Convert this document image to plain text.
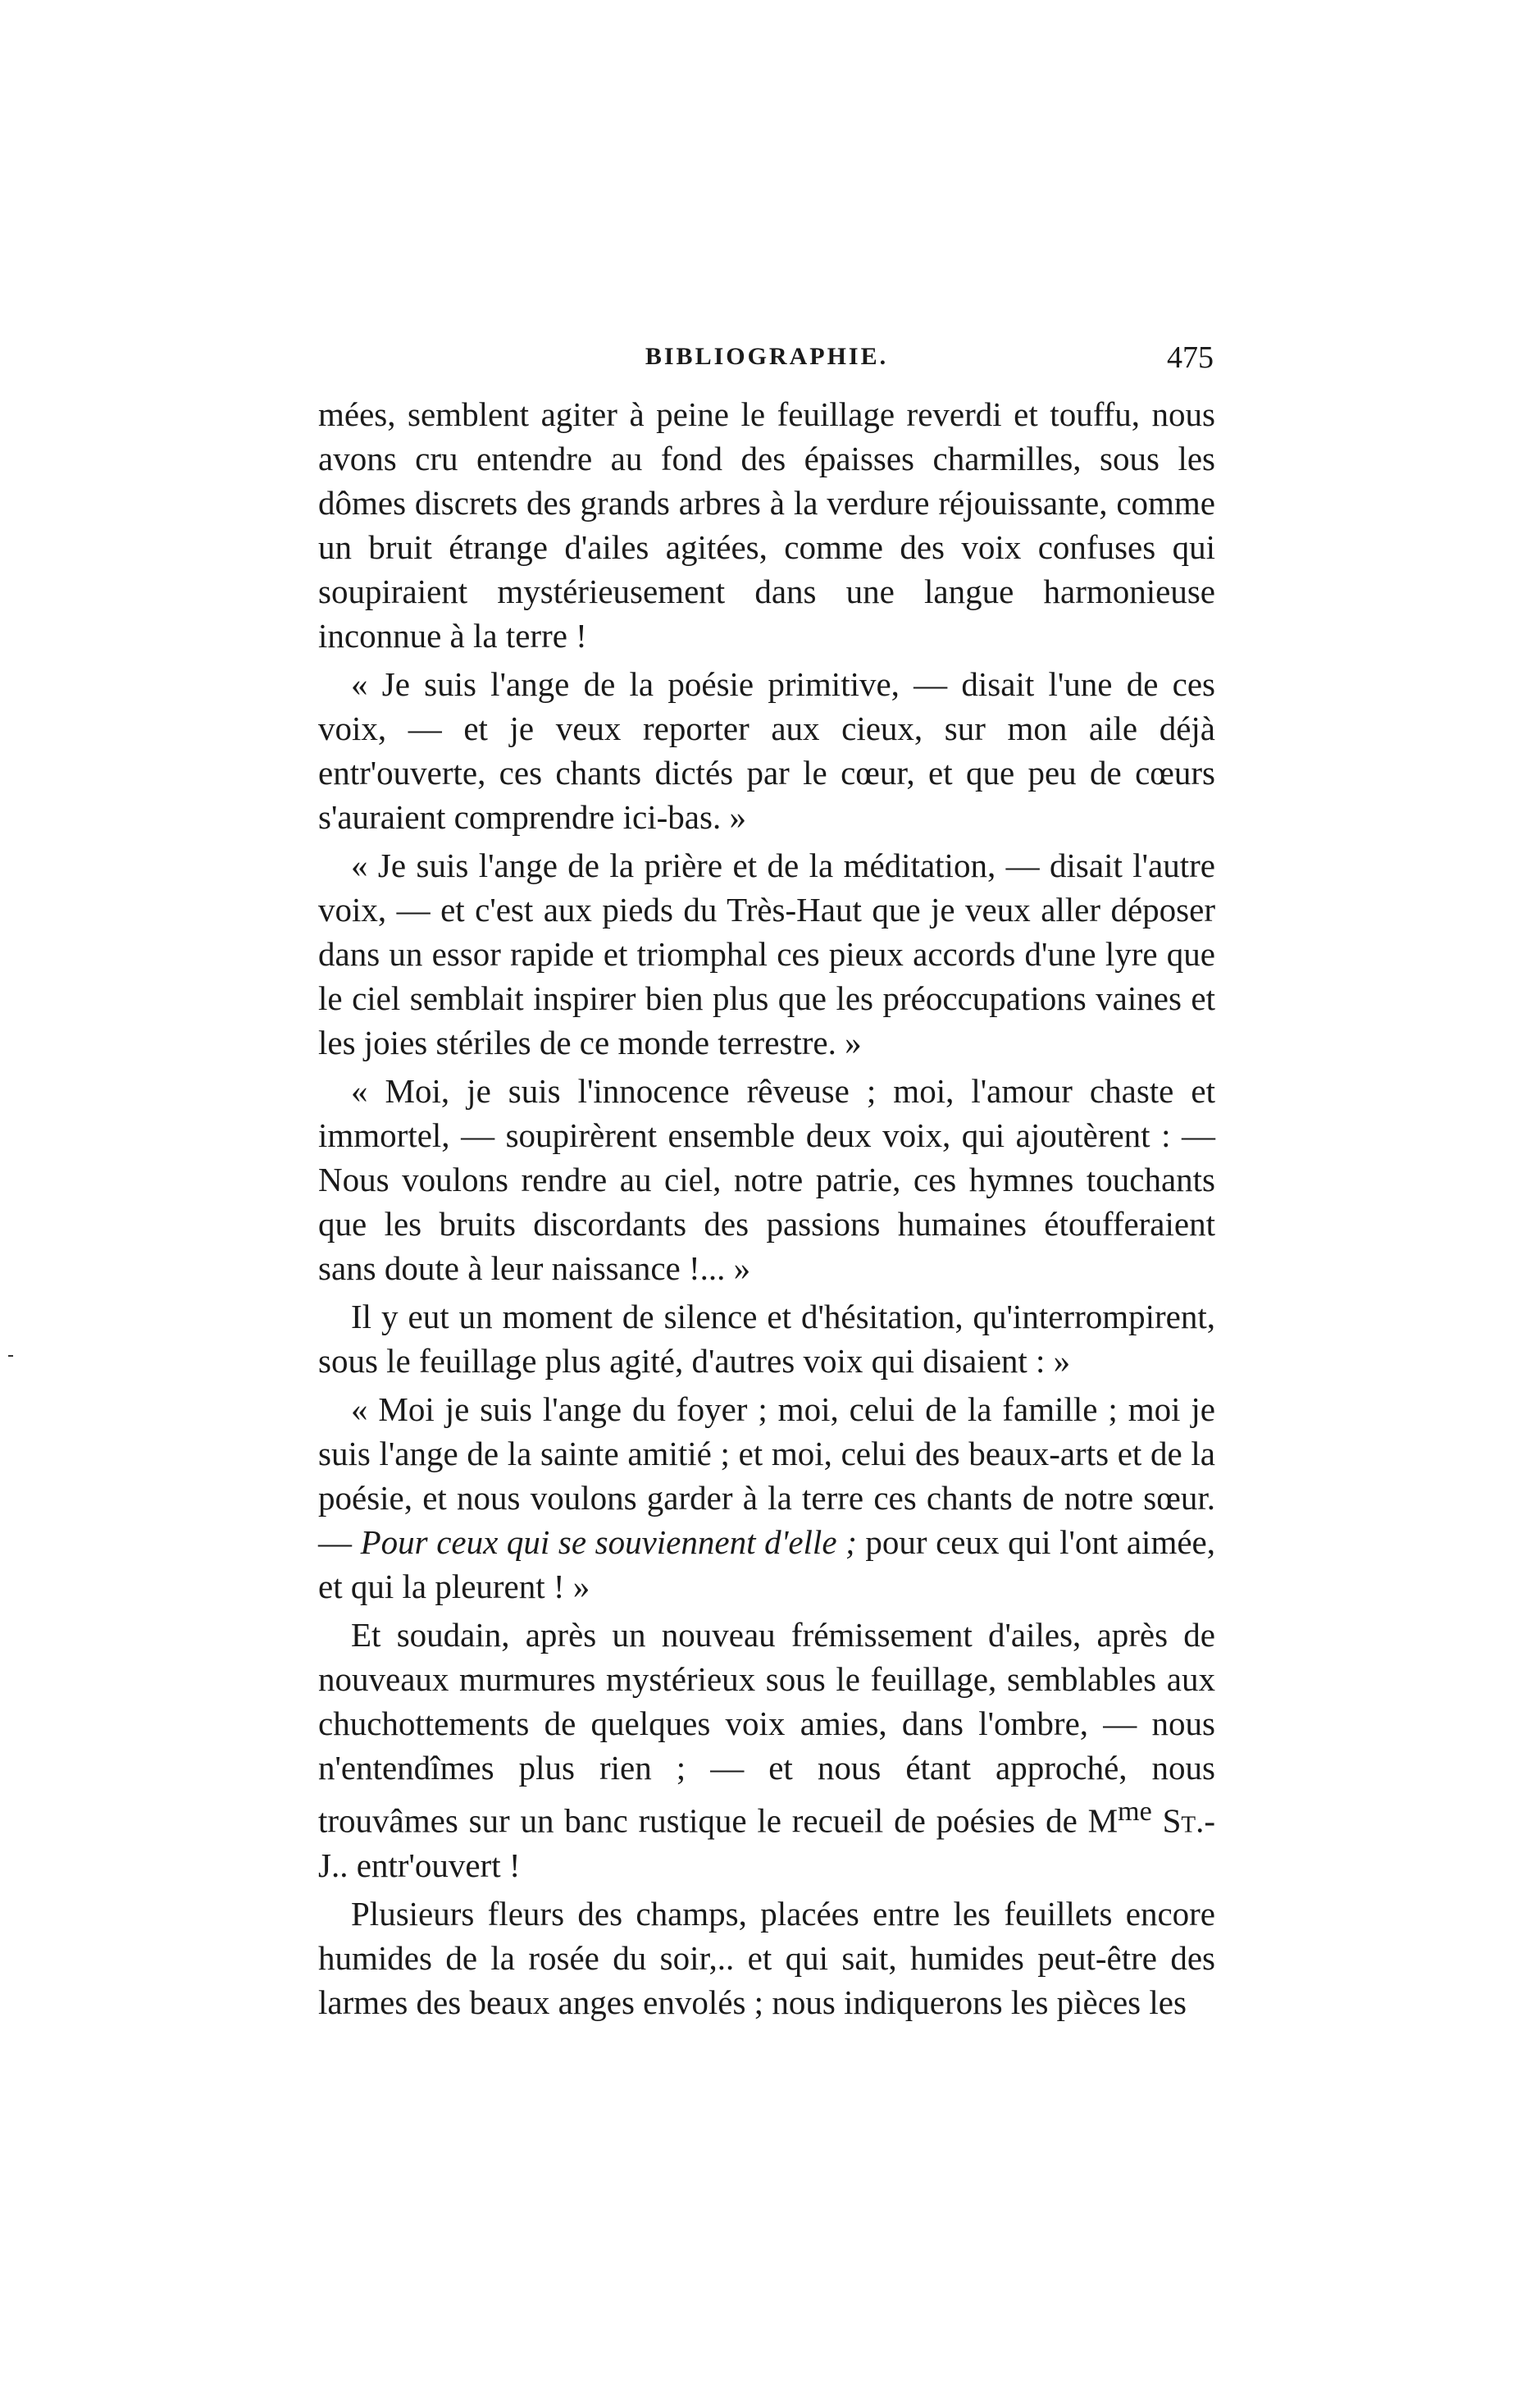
BIBLIOGRAPHIE.	475

mées, semblent agiter à peine le feuillage reverdi et touffu, nous avons cru entendre au fond des épaisses charmilles, sous les dômes discrets des grands arbres à la verdure réjouissante, comme un bruit étrange d'ailes agitées, comme des voix confuses qui soupiraient mystérieusement dans une langue harmonieuse inconnue à la terre !

« Je suis l'ange de la poésie primitive, — disait l'une de ces voix, — et je veux reporter aux cieux, sur mon aile déjà entr'ouverte, ces chants dictés par le cœur, et que peu de cœurs s'auraient comprendre ici-bas. »

« Je suis l'ange de la prière et de la méditation, — disait l'autre voix, — et c'est aux pieds du Très-Haut que je veux aller déposer dans un essor rapide et triomphal ces pieux accords d'une lyre que le ciel semblait inspirer bien plus que les préoccupations vaines et les joies stériles de ce monde terrestre. »

« Moi, je suis l'innocence rêveuse ; moi, l'amour chaste et immortel, — soupirèrent ensemble deux voix, qui ajoutèrent : — Nous voulons rendre au ciel, notre patrie, ces hymnes touchants que les bruits discordants des passions humaines étoufferaient sans doute à leur naissance !... »

Il y eut un moment de silence et d'hésitation, qu'interrompirent, sous le feuillage plus agité, d'autres voix qui disaient : »

« Moi je suis l'ange du foyer ; moi, celui de la famille ; moi je suis l'ange de la sainte amitié ; et moi, celui des beaux-arts et de la poésie, et nous voulons garder à la terre ces chants de notre sœur. — Pour ceux qui se souviennent d'elle ; pour ceux qui l'ont aimée, et qui la pleurent ! »

Et soudain, après un nouveau frémissement d'ailes, après de nouveaux murmures mystérieux sous le feuillage, semblables aux chuchottements de quelques voix amies, dans l'ombre, — nous n'entendîmes plus rien ; — et nous étant approché, nous trouvâmes sur un banc rustique le recueil de poésies de $M^{me}$ St.-J.. entr'ouvert !

Plusieurs fleurs des champs, placées entre les feuillets encore humides de la rosée du soir,.. et qui sait, humides peut-être des larmes des beaux anges envolés ; nous indiquerons les pièces les
